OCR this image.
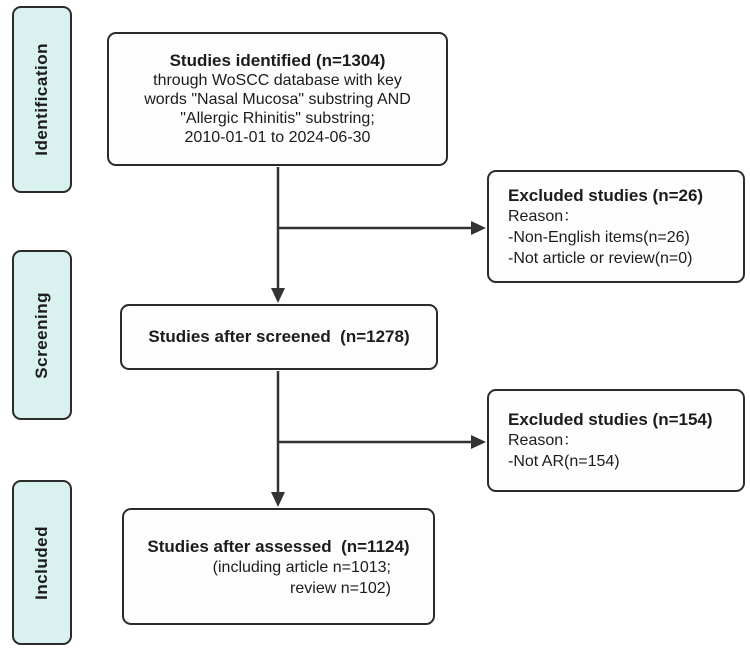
Identification
Screening
Included
Studies identified (n=1304)
through WoSCC database with key
words "Nasal Mucosa" substring AND
"Allergic Rhinitis" substring;
2010-01-01 to 2024-06-30
Studies after screened  (n=1278)
Studies after assessed  (n=1124)
(including article n=1013;
review n=102)
Excluded studies (n=26)
Reason：
-Non-English items(n=26)
-Not article or review(n=0)
Excluded studies (n=154)
Reason：
-Not AR(n=154)
